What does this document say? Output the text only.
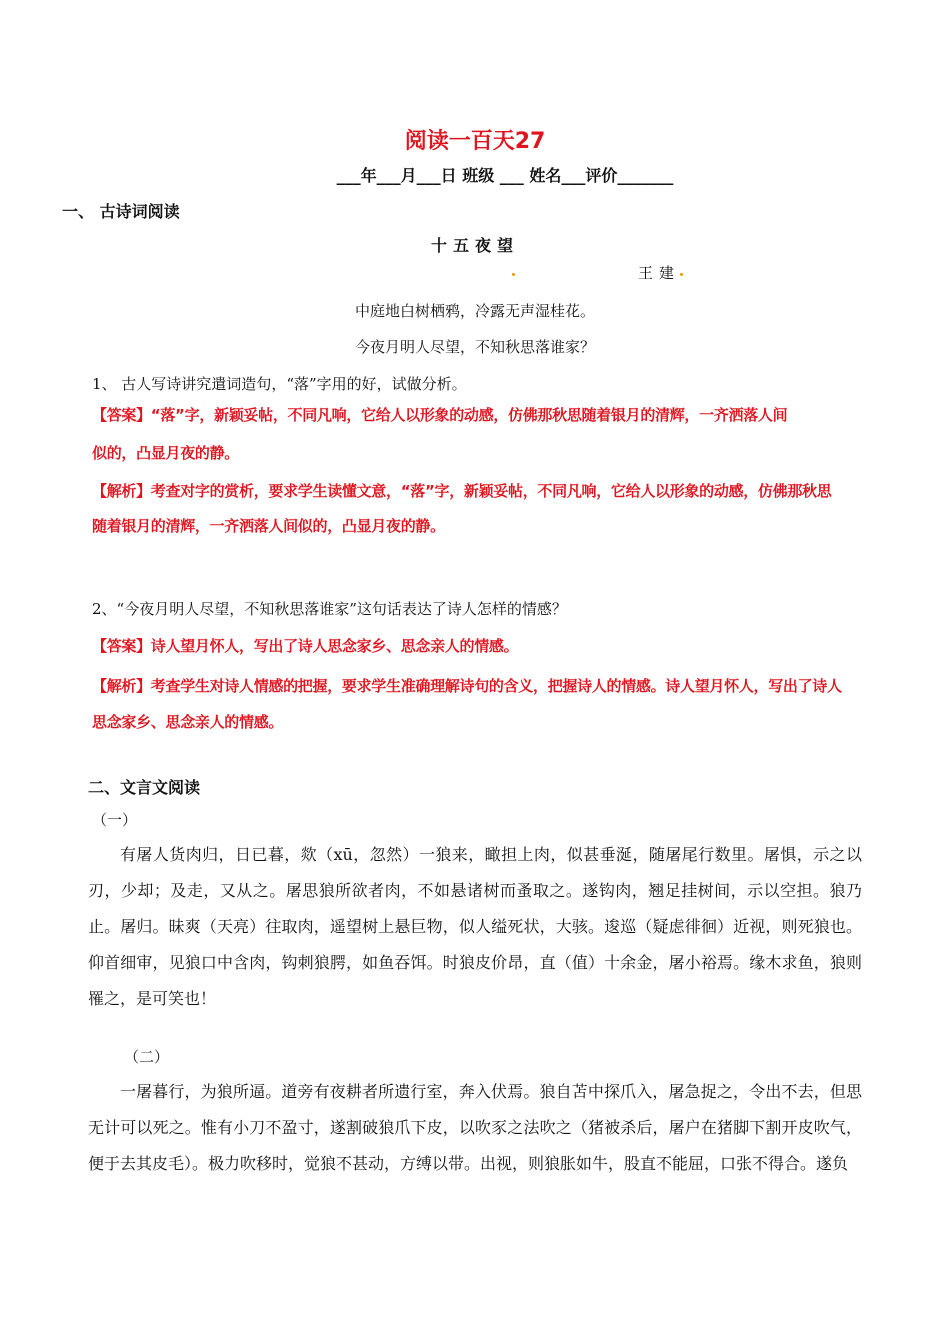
阅读一百天27
___年___月___日 班级 ___ 姓名___评价_______
一、 古诗词阅读
十五夜望
王建
中庭地白树栖鸦，冷露无声湿桂花。
今夜月明人尽望，不知秋思落谁家？
1、 古人写诗讲究遣词造句，“落”字用的好，试做分析。
【答案】“落”字，新颖妥帖，不同凡响，它给人以形象的动感，仿佛那秋思随着银月的清辉，一齐洒落人间
似的，凸显月夜的静。
【解析】考查对字的赏析，要求学生读懂文意，“落”字，新颖妥帖，不同凡响，它给人以形象的动感，仿佛那秋思
随着银月的清辉，一齐洒落人间似的，凸显月夜的静。
2、“今夜月明人尽望，不知秋思落谁家”这句话表达了诗人怎样的情感？
【答案】诗人望月怀人，写出了诗人思念家乡、思念亲人的情感。
【解析】考查学生对诗人情感的把握，要求学生准确理解诗句的含义，把握诗人的情感。诗人望月怀人，写出了诗人
思念家乡、思念亲人的情感。
二、文言文阅读
（一）

有屠人货肉归，日已暮，欻（xū，忽然）一狼来，瞰担上肉，似甚垂涎，随屠尾行数里。屠惧，示之以刃，少却；及走，又从之。屠思狼所欲者肉，不如悬诸树而蚤取之。遂钩肉，翘足挂树间，示以空担。狼乃止。屠归。昧爽（天亮）往取肉，遥望树上悬巨物，似人缢死状，大骇。逡巡（疑虑徘徊）近视，则死狼也。仰首细审，见狼口中含肉，钩刺狼腭，如鱼吞饵。时狼皮价昂，直（值）十余金，屠小裕焉。缘木求鱼，狼则罹之，是可笑也！

（二）

一屠暮行，为狼所逼。道旁有夜耕者所遗行室，奔入伏焉。狼自苫中探爪入，屠急捉之，令出不去，但思无计可以死之。惟有小刀不盈寸，遂割破狼爪下皮，以吹豕之法吹之（猪被杀后，屠户在猪脚下割开皮吹气，便于去其皮毛）。极力吹移时，觉狼不甚动，方缚以带。出视，则狼胀如牛，股直不能屈，口张不得合。遂负
